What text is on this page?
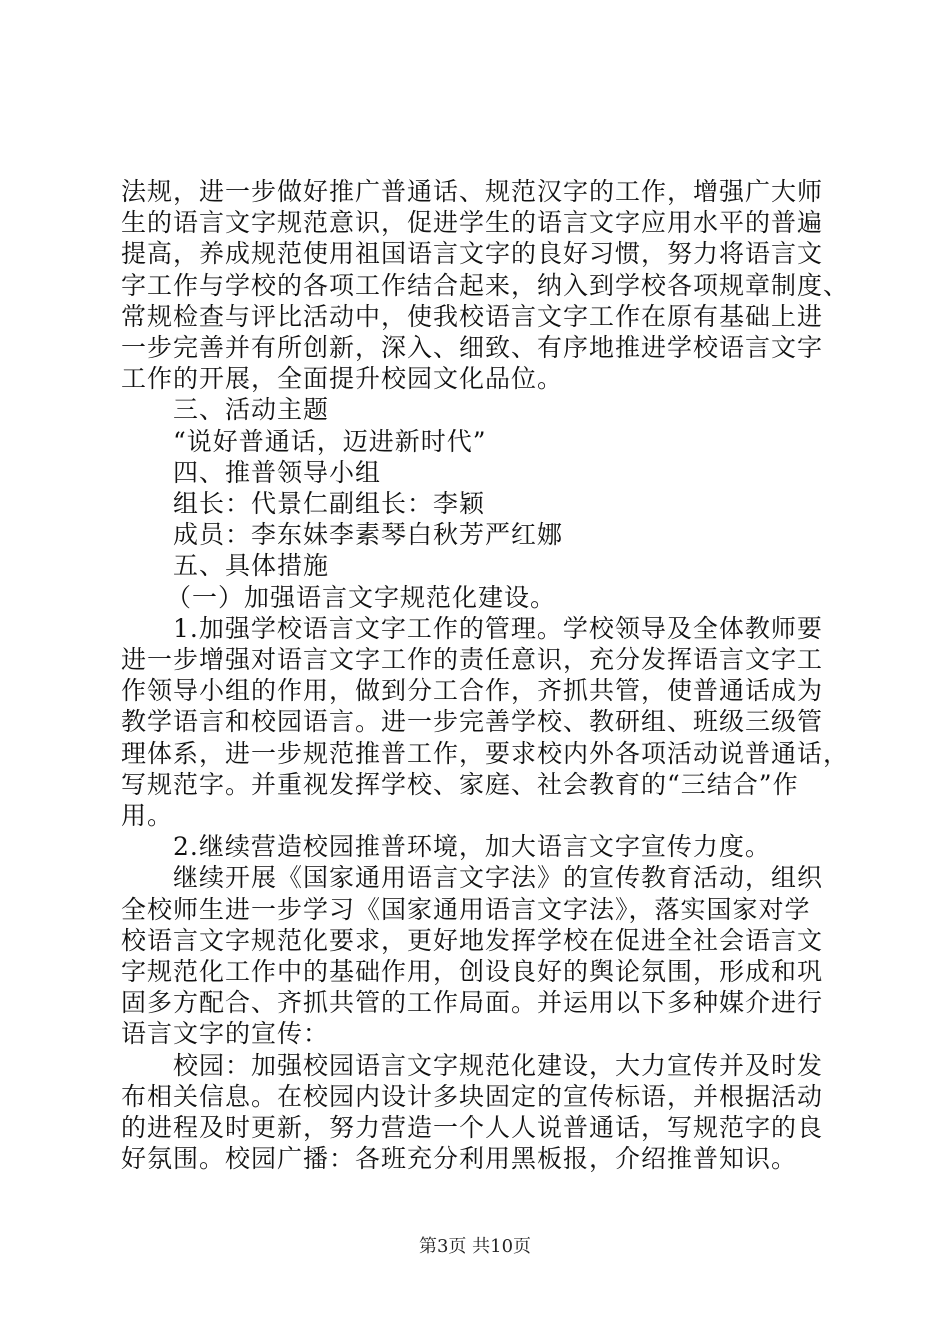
法规，进一步做好推广普通话、规范汉字的工作，增强广大师
生的语言文字规范意识，促进学生的语言文字应用水平的普遍
提高，养成规范使用祖国语言文字的良好习惯，努力将语言文
字工作与学校的各项工作结合起来，纳入到学校各项规章制度、
常规检查与评比活动中，使我校语言文字工作在原有基础上进
一步完善并有所创新，深入、细致、有序地推进学校语言文字
工作的开展，全面提升校园文化品位。
三、活动主题
“说好普通话，迈进新时代”
四、推普领导小组
组长：代景仁副组长：李颖
成员：李东妹李素琴白秋芳严红娜
五、具体措施
（一）加强语言文字规范化建设。
1.加强学校语言文字工作的管理。学校领导及全体教师要
进一步增强对语言文字工作的责任意识，充分发挥语言文字工
作领导小组的作用，做到分工合作，齐抓共管，使普通话成为
教学语言和校园语言。进一步完善学校、教研组、班级三级管
理体系，进一步规范推普工作，要求校内外各项活动说普通话，
写规范字。并重视发挥学校、家庭、社会教育的“三结合”作
用。
2.继续营造校园推普环境，加大语言文字宣传力度。
继续开展《国家通用语言文字法》的宣传教育活动，组织
全校师生进一步学习《国家通用语言文字法》，落实国家对学
校语言文字规范化要求，更好地发挥学校在促进全社会语言文
字规范化工作中的基础作用，创设良好的舆论氛围，形成和巩
固多方配合、齐抓共管的工作局面。并运用以下多种媒介进行
语言文字的宣传：
校园：加强校园语言文字规范化建设，大力宣传并及时发
布相关信息。在校园内设计多块固定的宣传标语，并根据活动
的进程及时更新，努力营造一个人人说普通话，写规范字的良
好氛围。校园广播：各班充分利用黑板报，介绍推普知识。
第3页 共10页
